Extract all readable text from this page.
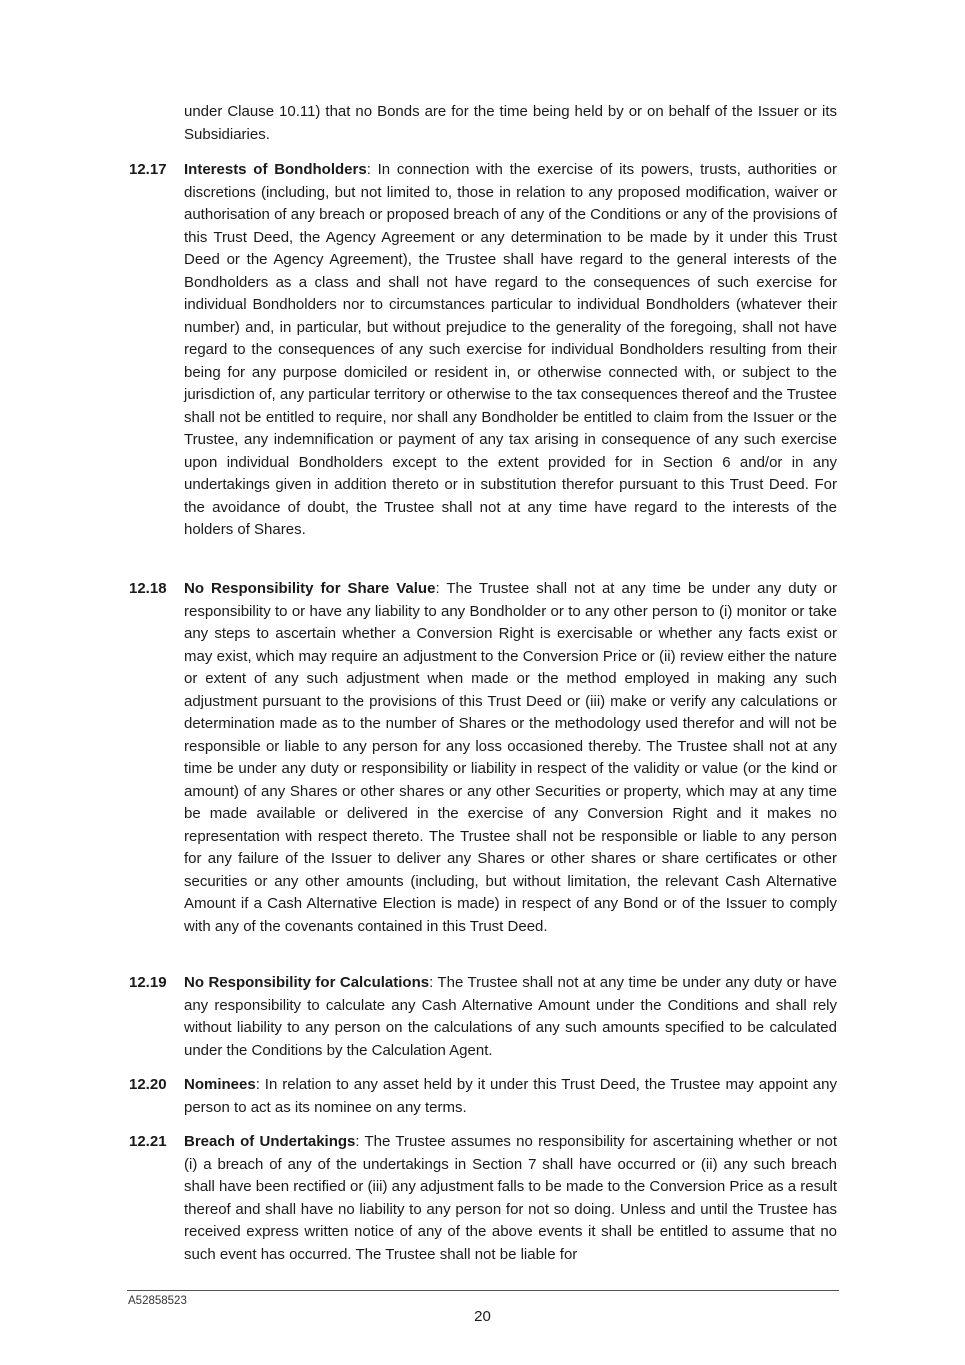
under Clause 10.11) that no Bonds are for the time being held by or on behalf of the Issuer or its Subsidiaries.

12.17 Interests of Bondholders: In connection with the exercise of its powers, trusts, authorities or discretions (including, but not limited to, those in relation to any proposed modification, waiver or authorisation of any breach or proposed breach of any of the Conditions or any of the provisions of this Trust Deed, the Agency Agreement or any determination to be made by it under this Trust Deed or the Agency Agreement), the Trustee shall have regard to the general interests of the Bondholders as a class and shall not have regard to the consequences of such exercise for individual Bondholders nor to circumstances particular to individual Bondholders (whatever their number) and, in particular, but without prejudice to the generality of the foregoing, shall not have regard to the consequences of any such exercise for individual Bondholders resulting from their being for any purpose domiciled or resident in, or otherwise connected with, or subject to the jurisdiction of, any particular territory or otherwise to the tax consequences thereof and the Trustee shall not be entitled to require, nor shall any Bondholder be entitled to claim from the Issuer or the Trustee, any indemnification or payment of any tax arising in consequence of any such exercise upon individual Bondholders except to the extent provided for in Section 6 and/or in any undertakings given in addition thereto or in substitution therefor pursuant to this Trust Deed. For the avoidance of doubt, the Trustee shall not at any time have regard to the interests of the holders of Shares.

12.18 No Responsibility for Share Value: The Trustee shall not at any time be under any duty or responsibility to or have any liability to any Bondholder or to any other person to (i) monitor or take any steps to ascertain whether a Conversion Right is exercisable or whether any facts exist or may exist, which may require an adjustment to the Conversion Price or (ii) review either the nature or extent of any such adjustment when made or the method employed in making any such adjustment pursuant to the provisions of this Trust Deed or (iii) make or verify any calculations or determination made as to the number of Shares or the methodology used therefor and will not be responsible or liable to any person for any loss occasioned thereby. The Trustee shall not at any time be under any duty or responsibility or liability in respect of the validity or value (or the kind or amount) of any Shares or other shares or any other Securities or property, which may at any time be made available or delivered in the exercise of any Conversion Right and it makes no representation with respect thereto. The Trustee shall not be responsible or liable to any person for any failure of the Issuer to deliver any Shares or other shares or share certificates or other securities or any other amounts (including, but without limitation, the relevant Cash Alternative Amount if a Cash Alternative Election is made) in respect of any Bond or of the Issuer to comply with any of the covenants contained in this Trust Deed.

12.19 No Responsibility for Calculations: The Trustee shall not at any time be under any duty or have any responsibility to calculate any Cash Alternative Amount under the Conditions and shall rely without liability to any person on the calculations of any such amounts specified to be calculated under the Conditions by the Calculation Agent.

12.20 Nominees: In relation to any asset held by it under this Trust Deed, the Trustee may appoint any person to act as its nominee on any terms.

12.21 Breach of Undertakings: The Trustee assumes no responsibility for ascertaining whether or not (i) a breach of any of the undertakings in Section 7 shall have occurred or (ii) any such breach shall have been rectified or (iii) any adjustment falls to be made to the Conversion Price as a result thereof and shall have no liability to any person for not so doing. Unless and until the Trustee has received express written notice of any of the above events it shall be entitled to assume that no such event has occurred. The Trustee shall not be liable for

A52858523
20
